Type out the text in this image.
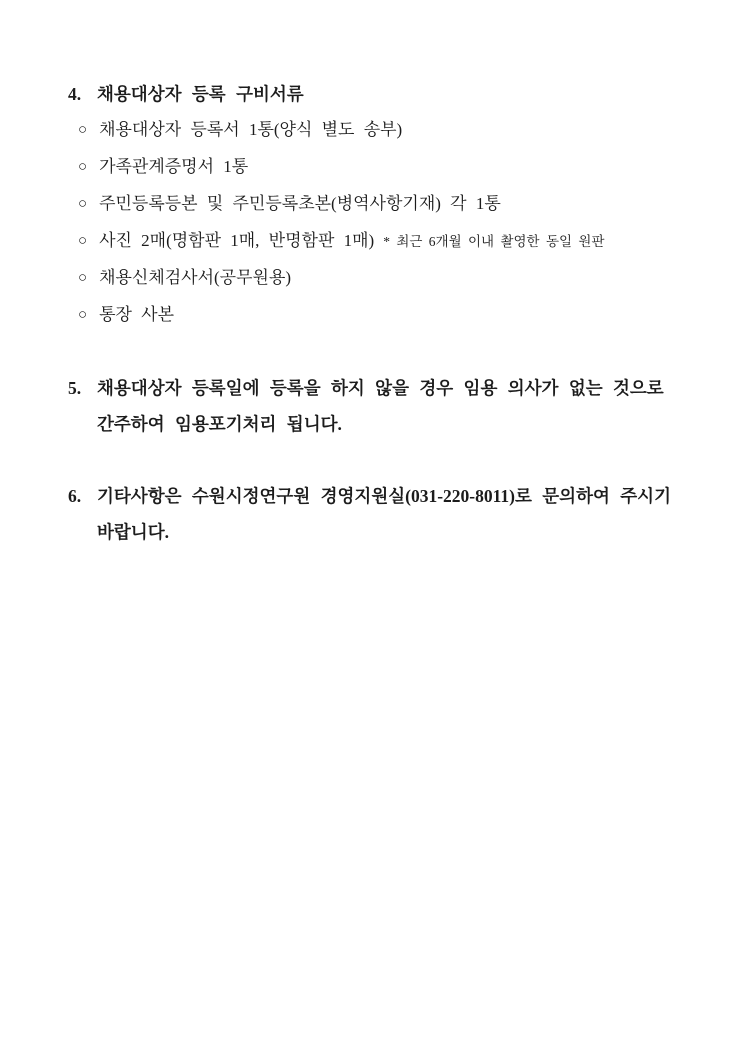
4. 채용대상자 등록 구비서류
○ 채용대상자 등록서 1통(양식 별도 송부)
○ 가족관계증명서 1통
○ 주민등록등본 및 주민등록초본(병역사항기재) 각 1통
○ 사진 2매(명함판 1매, 반명함판 1매) * 최근 6개월 이내 촬영한 동일 원판
○ 채용신체검사서(공무원용)
○ 통장 사본
5. 채용대상자 등록일에 등록을 하지 않을 경우 임용 의사가 없는 것으로
간주하여 임용포기처리 됩니다.
6. 기타사항은 수원시정연구원 경영지원실(031-220-8011)로 문의하여 주시기
바랍니다.
